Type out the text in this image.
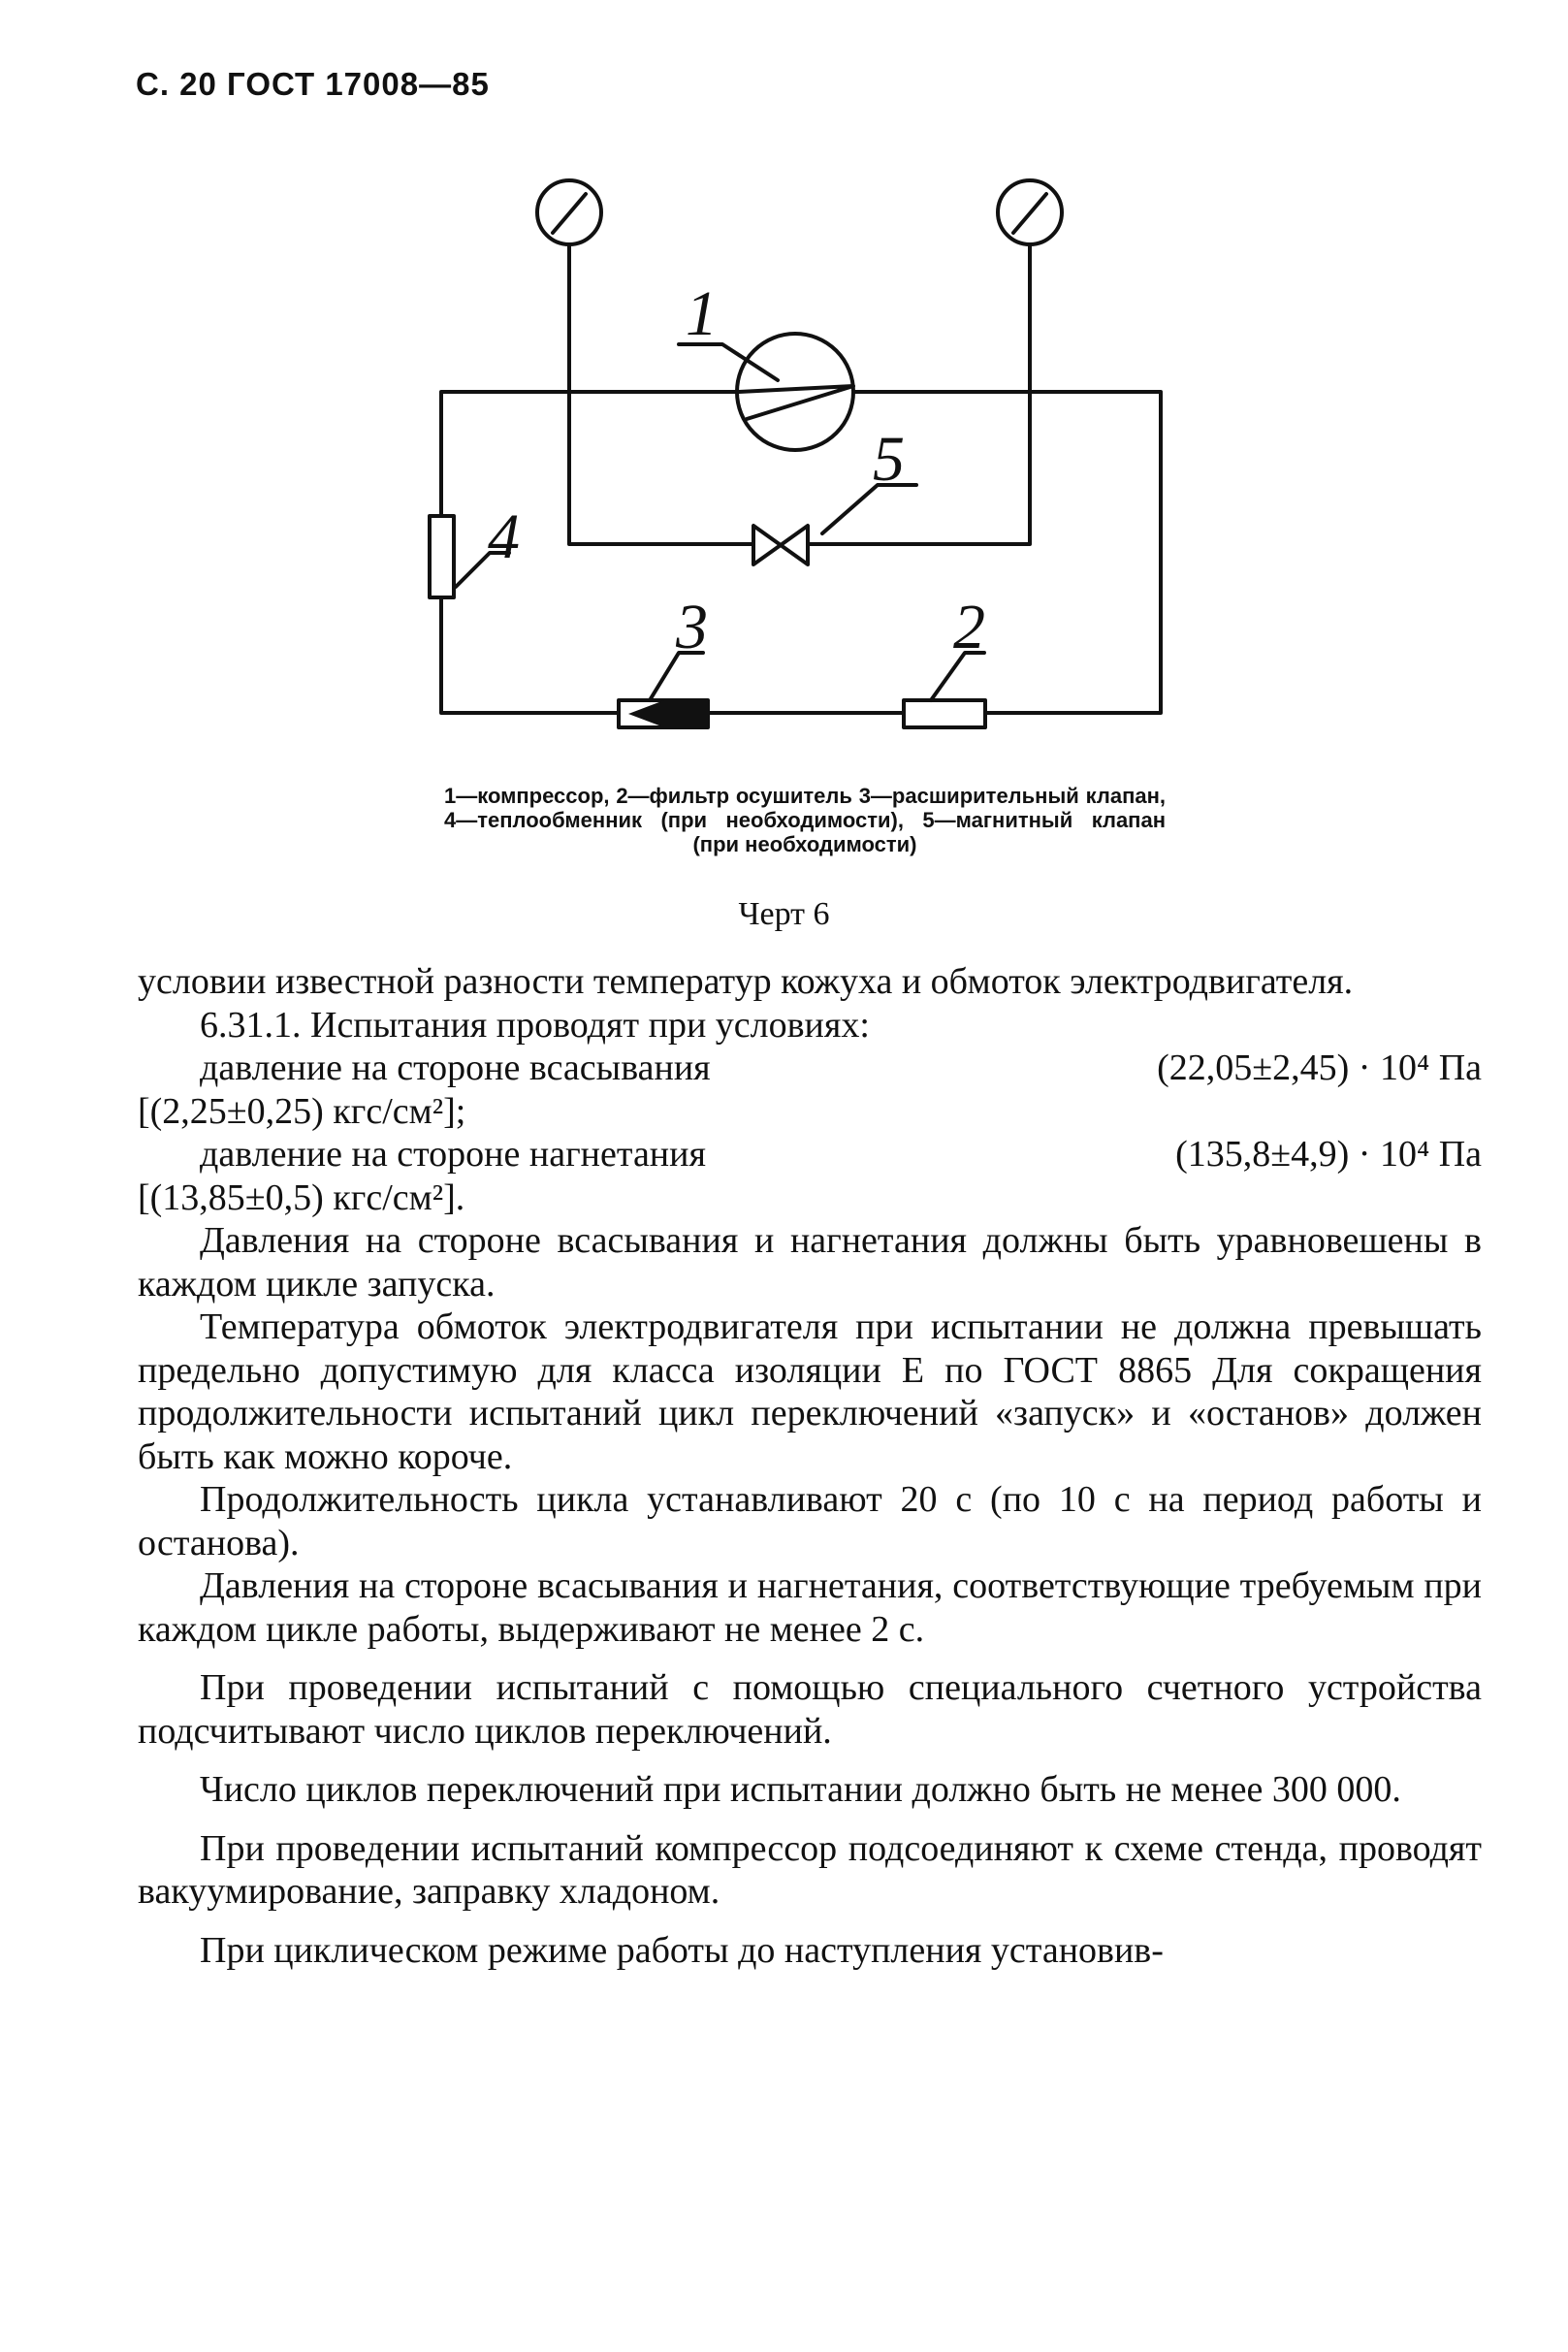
С. 20 ГОСТ 17008—85
1
5
4
3	2
1—компрессор, 2—фильтр осушитель 3—расширительный клапан, 4—теплообменник (при необходимости), 5—магнитный клапан (при необходимости)
Черт 6

условии известной разности температур кожуха и обмоток электродвигателя.

6.31.1. Испытания проводят при условиях:

давление на стороне всасывания	(22,05±2,45) · 10⁴ Па

[(2,25±0,25) кгс/см²];

давление на стороне нагнетания	(135,8±4,9) · 10⁴ Па

[(13,85±0,5) кгс/см²].

Давления на стороне всасывания и нагнетания должны быть уравновешены в каждом цикле запуска.

Температура обмоток электродвигателя при испытании не должна превышать предельно допустимую для класса изоляции Е по ГОСТ 8865 Для сокращения продолжительности испытаний цикл переключений «запуск» и «останов» должен быть как можно короче.

Продолжительность цикла устанавливают 20 с (по 10 с на период работы и останова).

Давления на стороне всасывания и нагнетания, соответствующие требуемым при каждом цикле работы, выдерживают не менее 2 с.

При проведении испытаний с помощью специального счетного устройства подсчитывают число циклов переключений.

Число циклов переключений при испытании должно быть не менее 300 000.

При проведении испытаний компрессор подсоединяют к схеме стенда, проводят вакуумирование, заправку хладоном.

При циклическом режиме работы до наступления установив-
